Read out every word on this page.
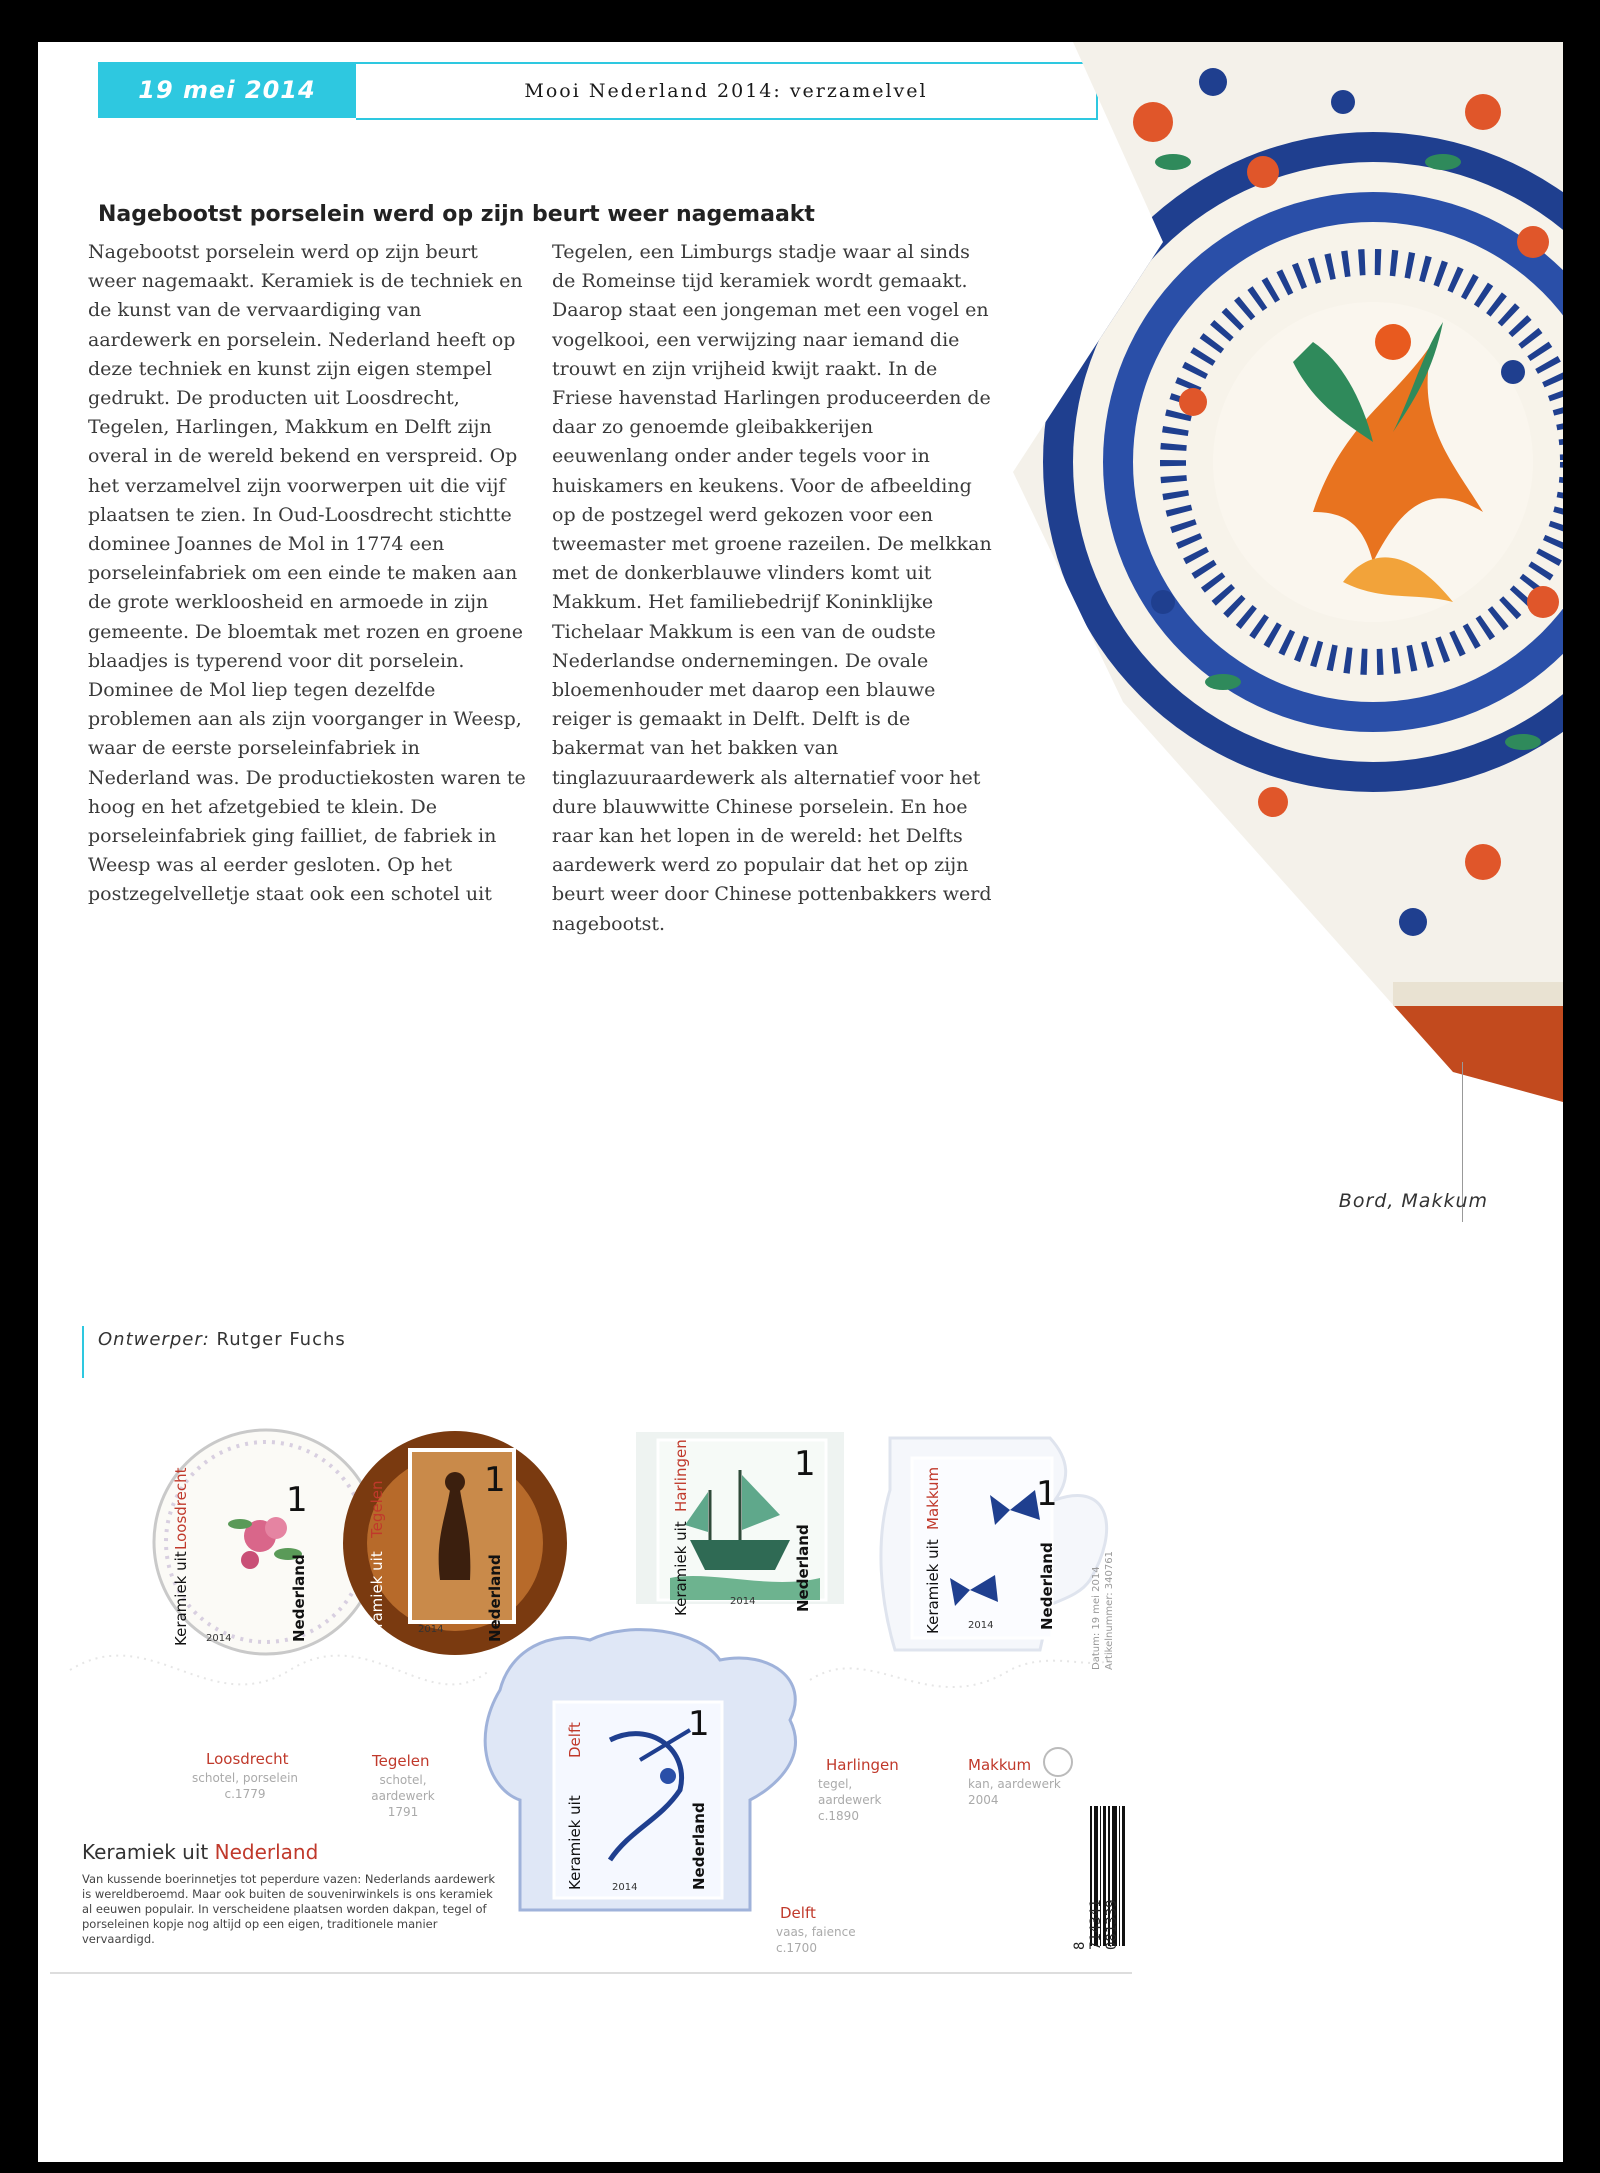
19 mei 2014	Mooi Nederland 2014: verzamelvel
Nagebootst porselein werd op zijn beurt weer nagemaakt

Nagebootst porselein werd op zijn beurt weer nagemaakt. Keramiek is de techniek en de kunst van de vervaardiging van aardewerk en porselein. Nederland heeft op deze techniek en kunst zijn eigen stempel gedrukt. De producten uit Loosdrecht, Tegelen, Harlingen, Makkum en Delft zijn overal in de wereld bekend en verspreid. Op het verzamelvel zijn voorwerpen uit die vijf plaatsen te zien. In Oud-Loosdrecht stichtte dominee Joannes de Mol in 1774 een porseleinfabriek om een einde te maken aan de grote werkloosheid en armoede in zijn gemeente. De bloemtak met rozen en groene blaadjes is typerend voor dit porselein. Dominee de Mol liep tegen dezelfde problemen aan als zijn voorganger in Weesp, waar de eerste porseleinfabriek in Nederland was. De productiekosten waren te hoog en het afzetgebied te klein. De porseleinfabriek ging failliet, de fabriek in Weesp was al eerder gesloten. Op het postzegelvelletje staat ook een schotel uit

Tegelen, een Limburgs stadje waar al sinds de Romeinse tijd keramiek wordt gemaakt. Daarop staat een jongeman met een vogel en vogelkooi, een verwijzing naar iemand die trouwt en zijn vrijheid kwijt raakt. In de Friese havenstad Harlingen produceerden de daar zo genoemde gleibakkerijen eeuwenlang onder ander tegels voor in huiskamers en keukens. Voor de afbeelding op de postzegel werd gekozen voor een tweemaster met groene razeilen. De melkkan met de donkerblauwe vlinders komt uit Makkum. Het familiebedrijf Koninklijke Tichelaar Makkum is een van de oudste Nederlandse ondernemingen. De ovale bloemenhouder met daarop een blauwe reiger is gemaakt in Delft. Delft is de bakermat van het bakken van tinglazuuraardewerk als alternatief voor het dure blauwwitte Chinese porselein. En hoe raar kan het lopen in de wereld: het Delfts aardewerk werd zo populair dat het op zijn beurt weer door Chinese pottenbakkers werd nagebootst.

Bord, Makkum
Ontwerper: Rutger Fuchs
Keramiek uit
Loosdrecht
Nederland
1
2014	Keramiek uit
Tegelen
Nederland
1
2014
Keramiek uit
Harlingen
Nederland
1
2014	Keramiek uit
Makkum
Nederland
1
2014
Keramiek uit
Delft
Nederland
1
2014
Loosdrecht
schotel, porselein
c.1779
Tegelen
schotel, aardewerk
1791
Harlingen
tegel, aardewerk
c.1890
Makkum
kan, aardewerk
2004
Delft
vaas, faience
c.1700
Keramiek uit Nederland
Van kussende boerinnetjes tot peperdure vazen: Nederlands aardewerk is wereldberoemd. Maar ook buiten de souvenirwinkels is ons keramiek al eeuwen populair. In verscheidene plaatsen worden dakpan, tegel of porseleinen kopje nog altijd op een eigen, traditionele manier vervaardigd.	8 714341 081339
Datum: 19 mei 2014 Artikelnummer: 340761
